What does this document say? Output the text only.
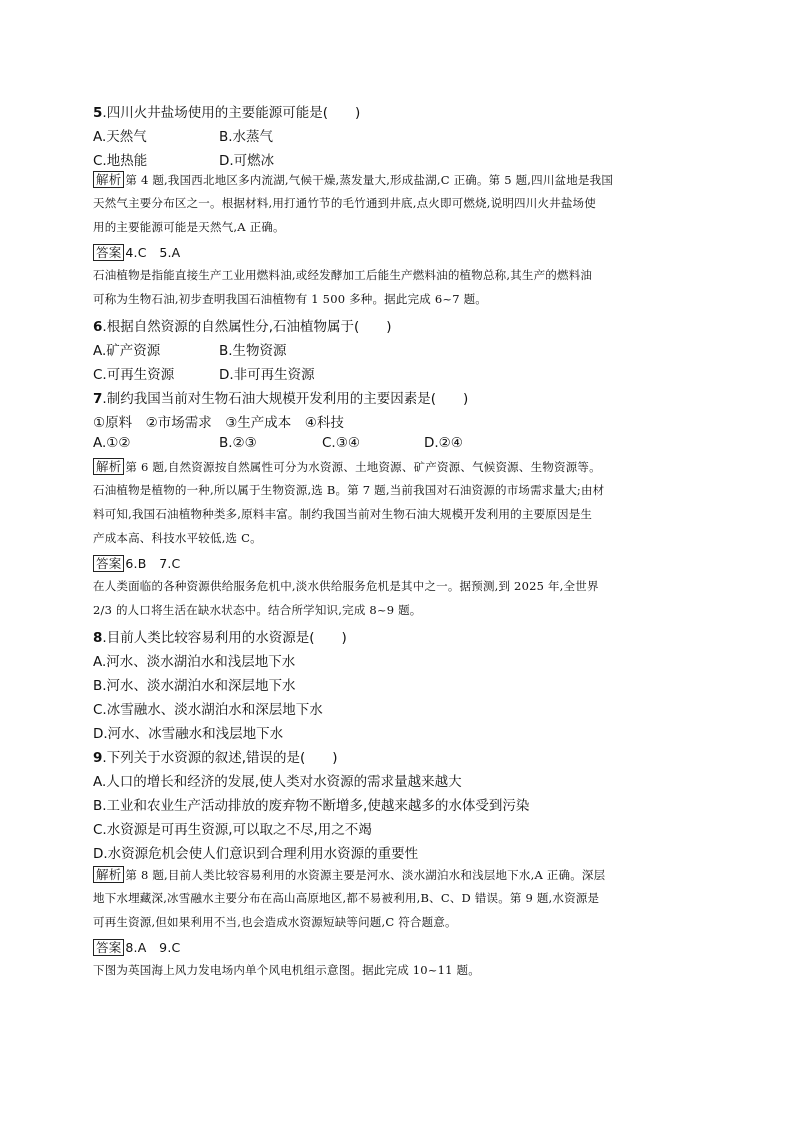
5.四川火井盐场使用的主要能源可能是(　　)
A.天然气	B.水蒸气
C.地热能	D.可燃冰
解析 第 4 题,我国西北地区多内流湖,气候干燥,蒸发量大,形成盐湖,C 正确。第 5 题,四川盆地是我国
天然气主要分布区之一。根据材料,用打通竹节的毛竹通到井底,点火即可燃烧,说明四川火井盐场使
用的主要能源可能是天然气,A 正确。
答案 4.C　5.A
石油植物是指能直接生产工业用燃料油,或经发酵加工后能生产燃料油的植物总称,其生产的燃料油
可称为生物石油,初步查明我国石油植物有 1 500 多种。据此完成 6~7 题。
6.根据自然资源的自然属性分,石油植物属于(　　)
A.矿产资源	B.生物资源
C.可再生资源	D.非可再生资源
7.制约我国当前对生物石油大规模开发利用的主要因素是(　　)
①原料　②市场需求　③生产成本　④科技
A.①②	B.②③	C.③④	D.②④
解析 第 6 题,自然资源按自然属性可分为水资源、土地资源、矿产资源、气候资源、生物资源等。
石油植物是植物的一种,所以属于生物资源,选 B。第 7 题,当前我国对石油资源的市场需求量大;由材
料可知,我国石油植物种类多,原料丰富。制约我国当前对生物石油大规模开发利用的主要原因是生
产成本高、科技水平较低,选 C。
答案 6.B　7.C
在人类面临的各种资源供给服务危机中,淡水供给服务危机是其中之一。据预测,到 2025 年,全世界
2/3 的人口将生活在缺水状态中。结合所学知识,完成 8~9 题。
8.目前人类比较容易利用的水资源是(　　)
A.河水、淡水湖泊水和浅层地下水
B.河水、淡水湖泊水和深层地下水
C.冰雪融水、淡水湖泊水和深层地下水
D.河水、冰雪融水和浅层地下水
9.下列关于水资源的叙述,错误的是(　　)
A.人口的增长和经济的发展,使人类对水资源的需求量越来越大
B.工业和农业生产活动排放的废弃物不断增多,使越来越多的水体受到污染
C.水资源是可再生资源,可以取之不尽,用之不竭
D.水资源危机会使人们意识到合理利用水资源的重要性
解析 第 8 题,目前人类比较容易利用的水资源主要是河水、淡水湖泊水和浅层地下水,A 正确。深层
地下水埋藏深,冰雪融水主要分布在高山高原地区,都不易被利用,B、C、D 错误。第 9 题,水资源是
可再生资源,但如果利用不当,也会造成水资源短缺等问题,C 符合题意。
答案 8.A　9.C
下图为英国海上风力发电场内单个风电机组示意图。据此完成 10~11 题。
